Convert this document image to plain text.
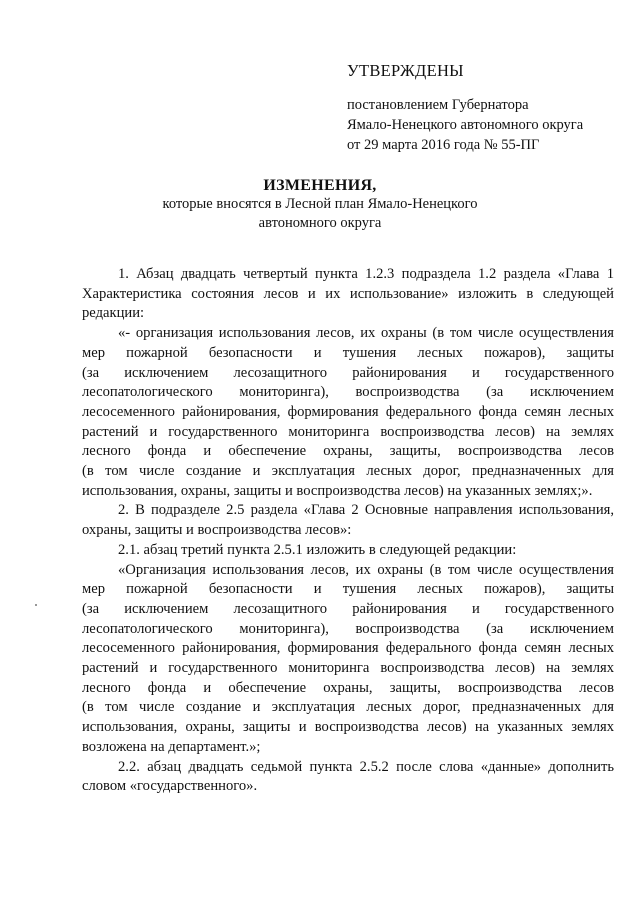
УТВЕРЖДЕНЫ
постановлением Губернатора
Ямало-Ненецкого автономного округа
от 29 марта 2016 года № 55-ПГ
ИЗМЕНЕНИЯ,
которые вносятся в Лесной план Ямало-Ненецкого
автономного округа
1. Абзац двадцать четвертый пункта 1.2.3 подраздела 1.2 раздела «Глава 1
Характеристика состояния лесов и их использование» изложить в следующей
редакции:
«- организация использования лесов, их охраны (в том числе осуществления
мер пожарной безопасности и тушения лесных пожаров), защиты
(за исключением лесозащитного районирования и государственного
лесопатологического мониторинга), воспроизводства (за исключением
лесосеменного районирования, формирования федерального фонда семян лесных
растений и государственного мониторинга воспроизводства лесов) на землях
лесного фонда и обеспечение охраны, защиты, воспроизводства лесов
(в том числе создание и эксплуатация лесных дорог, предназначенных для
использования, охраны, защиты и воспроизводства лесов) на указанных землях;».
2. В подразделе 2.5 раздела «Глава 2 Основные направления использования,
охраны, защиты и воспроизводства лесов»:
2.1. абзац третий пункта 2.5.1 изложить в следующей редакции:
«Организация использования лесов, их охраны (в том числе осуществления
мер пожарной безопасности и тушения лесных пожаров), защиты
(за исключением лесозащитного районирования и государственного
лесопатологического мониторинга), воспроизводства (за исключением
лесосеменного районирования, формирования федерального фонда семян лесных
растений и государственного мониторинга воспроизводства лесов) на землях
лесного фонда и обеспечение охраны, защиты, воспроизводства лесов
(в том числе создание и эксплуатация лесных дорог, предназначенных для
использования, охраны, защиты и воспроизводства лесов) на указанных землях
возложена на департамент.»;
2.2. абзац двадцать седьмой пункта 2.5.2 после слова «данные» дополнить
словом «государственного».
